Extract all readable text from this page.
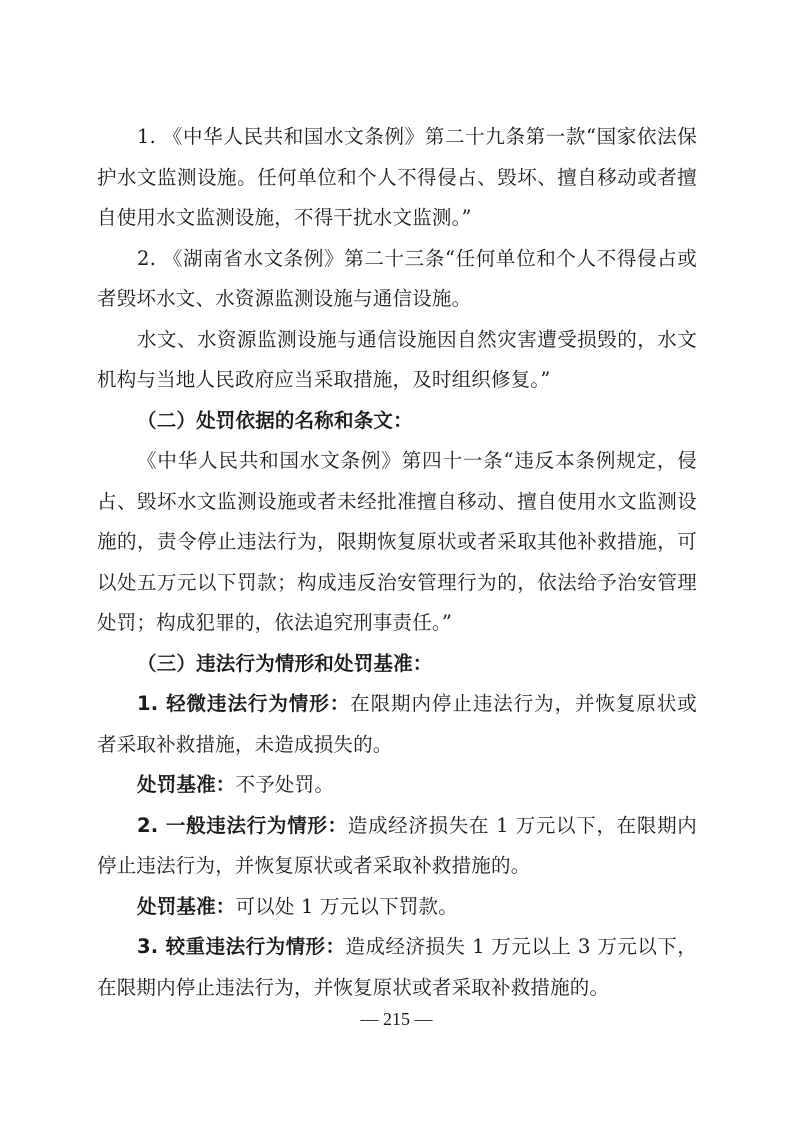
1. 《中华人民共和国水文条例》第二十九条第一款“国家依法保护水文监测设施。任何单位和个人不得侵占、毁坏、擅自移动或者擅自使用水文监测设施，不得干扰水文监测。”

2. 《湖南省水文条例》第二十三条“任何单位和个人不得侵占或者毁坏水文、水资源监测设施与通信设施。

水文、水资源监测设施与通信设施因自然灾害遭受损毁的，水文机构与当地人民政府应当采取措施，及时组织修复。”

（二）处罚依据的名称和条文：

《中华人民共和国水文条例》第四十一条“违反本条例规定，侵占、毁坏水文监测设施或者未经批准擅自移动、擅自使用水文监测设施的，责令停止违法行为，限期恢复原状或者采取其他补救措施，可以处五万元以下罚款；构成违反治安管理行为的，依法给予治安管理处罚；构成犯罪的，依法追究刑事责任。”

（三）违法行为情形和处罚基准：

1. 轻微违法行为情形：在限期内停止违法行为，并恢复原状或者采取补救措施，未造成损失的。

处罚基准：不予处罚。

2. 一般违法行为情形：造成经济损失在 1 万元以下，在限期内停止违法行为，并恢复原状或者采取补救措施的。

处罚基准：可以处 1 万元以下罚款。

3. 较重违法行为情形：造成经济损失 1 万元以上 3 万元以下，在限期内停止违法行为，并恢复原状或者采取补救措施的。

— 215 —
